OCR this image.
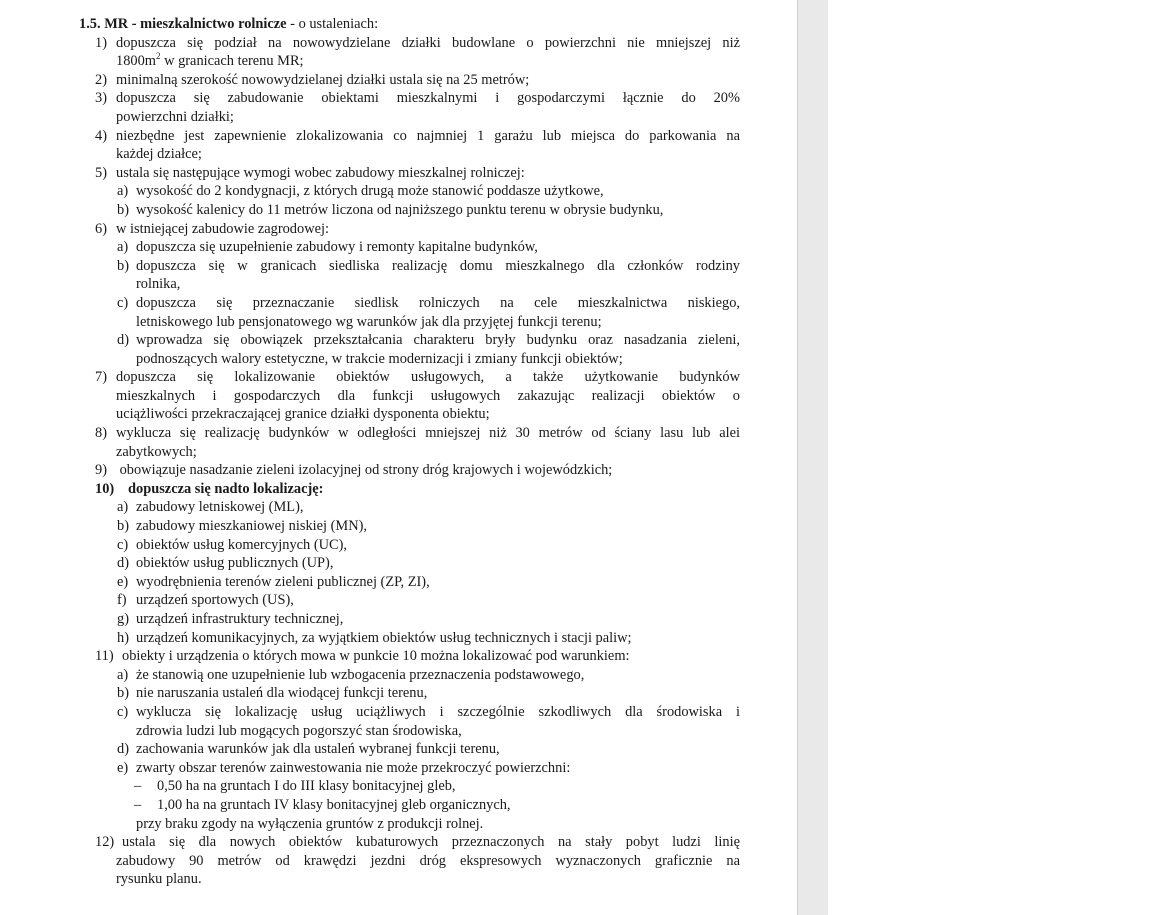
1.5. MR - mieszkalnictwo rolnicze - o ustaleniach:
1) dopuszcza się podział na nowowydzielane działki budowlane o powierzchni nie mniejszej niż
$1800m^2$ w granicach terenu MR;
2) minimalną szerokość nowowydzielanej działki ustala się na 25 metrów;
3) dopuszcza się zabudowanie obiektami mieszkalnymi i gospodarczymi łącznie do 20%
powierzchni działki;
4) niezbędne jest zapewnienie zlokalizowania co najmniej 1 garażu lub miejsca do parkowania na
każdej działce;
5) ustala się następujące wymogi wobec zabudowy mieszkalnej rolniczej:
a) wysokość do 2 kondygnacji, z których drugą może stanowić poddasze użytkowe,
b) wysokość kalenicy do 11 metrów liczona od najniższego punktu terenu w obrysie budynku,
6) w istniejącej zabudowie zagrodowej:
a) dopuszcza się uzupełnienie zabudowy i remonty kapitalne budynków,
b) dopuszcza się w granicach siedliska realizację domu mieszkalnego dla członków rodziny
rolnika,
c) dopuszcza się przeznaczanie siedlisk rolniczych na cele mieszkalnictwa niskiego,
letniskowego lub pensjonatowego wg warunków jak dla przyjętej funkcji terenu;
d) wprowadza się obowiązek przekształcania charakteru bryły budynku oraz nasadzania zieleni,
podnoszących walory estetyczne, w trakcie modernizacji i zmiany funkcji obiektów;
7) dopuszcza się lokalizowanie obiektów usługowych, a także użytkowanie budynków
mieszkalnych i gospodarczych dla funkcji usługowych zakazując realizacji obiektów o
uciążliwości przekraczającej granice działki dysponenta obiektu;
8) wyklucza się realizację budynków w odległości mniejszej niż 30 metrów od ściany lasu lub alei
zabytkowych;
9) obowiązuje nasadzanie zieleni izolacyjnej od strony dróg krajowych i wojewódzkich;
10) dopuszcza się nadto lokalizację:
a) zabudowy letniskowej (ML),
b) zabudowy mieszkaniowej niskiej (MN),
c) obiektów usług komercyjnych (UC),
d) obiektów usług publicznych (UP),
e) wyodrębnienia terenów zieleni publicznej (ZP, ZI),
f) urządzeń sportowych (US),
g) urządzeń infrastruktury technicznej,
h) urządzeń komunikacyjnych, za wyjątkiem obiektów usług technicznych i stacji paliw;
11) obiekty i urządzenia o których mowa w punkcie 10 można lokalizować pod warunkiem:
a) że stanowią one uzupełnienie lub wzbogacenia przeznaczenia podstawowego,
b) nie naruszania ustaleń dla wiodącej funkcji terenu,
c) wyklucza się lokalizację usług uciążliwych i szczególnie szkodliwych dla środowiska i
zdrowia ludzi lub mogących pogorszyć stan środowiska,
d) zachowania warunków jak dla ustaleń wybranej funkcji terenu,
e) zwarty obszar terenów zainwestowania nie może przekroczyć powierzchni:
– 0,50 ha na gruntach I do III klasy bonitacyjnej gleb,
– 1,00 ha na gruntach IV klasy bonitacyjnej gleb organicznych,
przy braku zgody na wyłączenia gruntów z produkcji rolnej.
12) ustala się dla nowych obiektów kubaturowych przeznaczonych na stały pobyt ludzi linię
zabudowy 90 metrów od krawędzi jezdni dróg ekspresowych wyznaczonych graficznie na
rysunku planu.
